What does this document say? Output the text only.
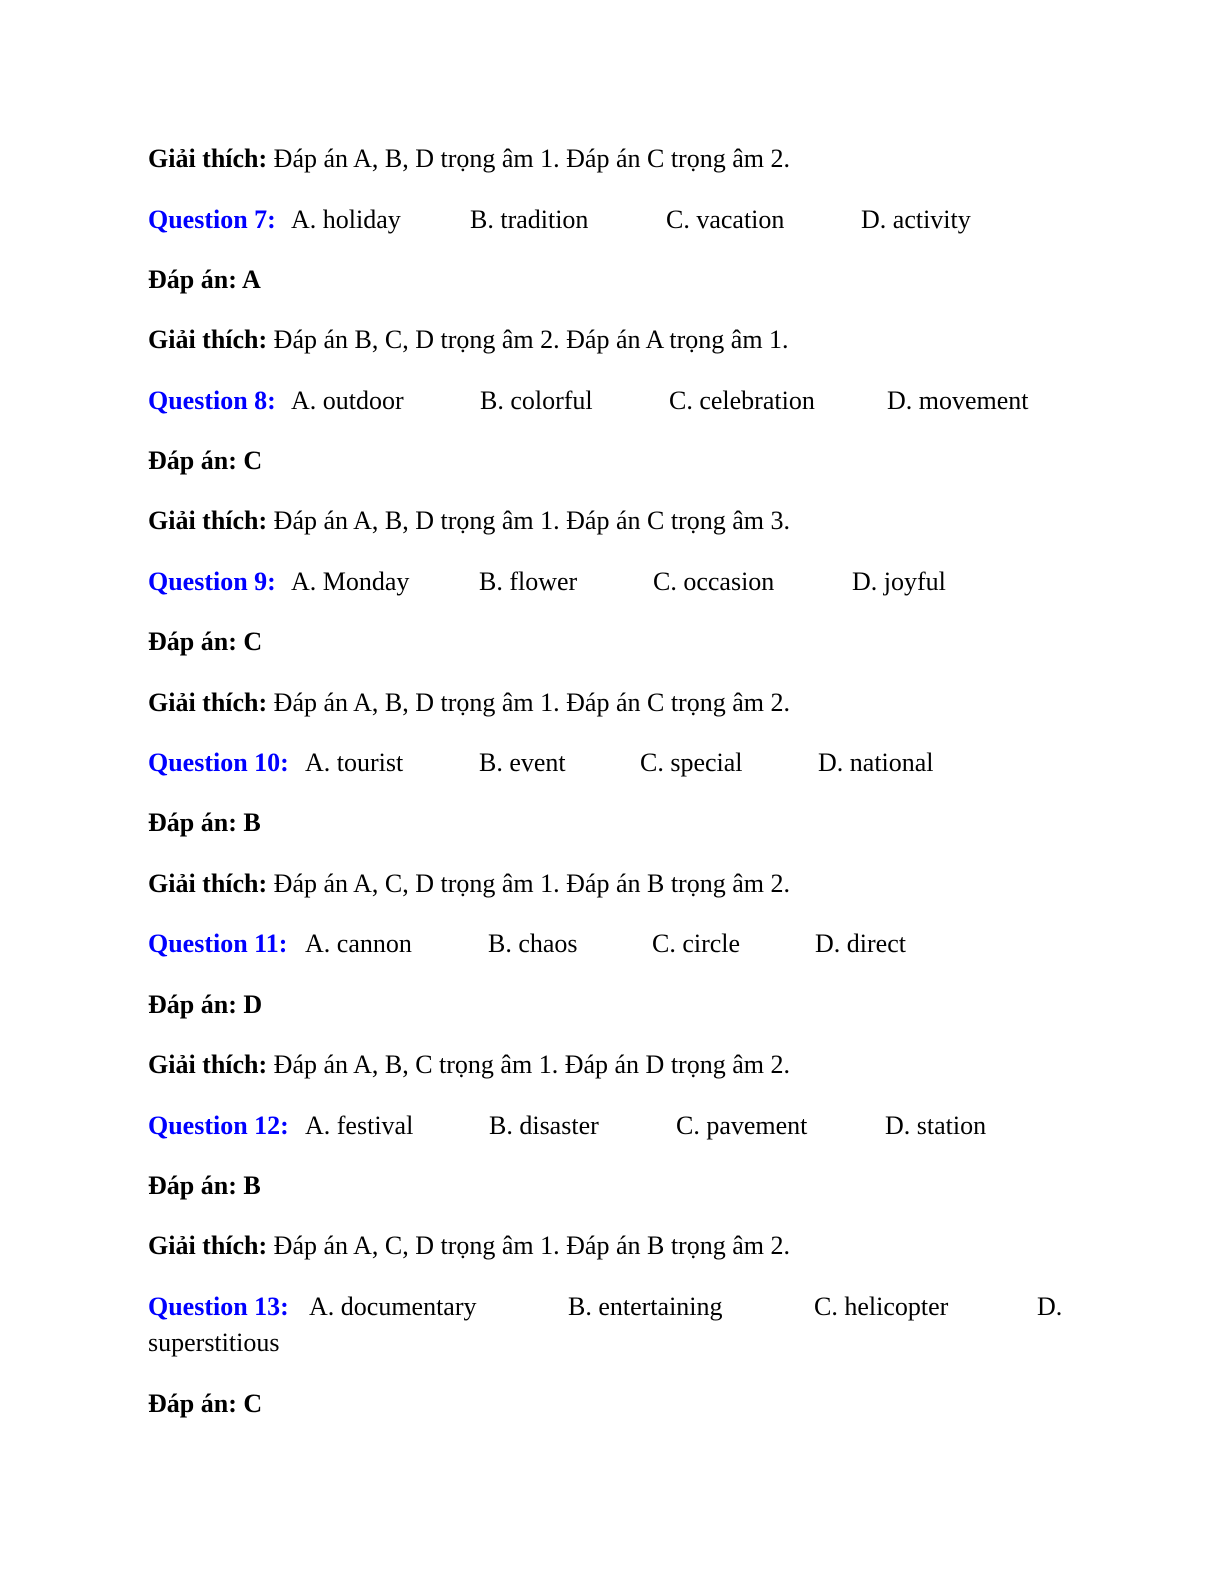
Giải thích: Đáp án A, B, D trọng âm 1. Đáp án C trọng âm 2.
Question 7: A. holiday	B. tradition	C. vacation	D. activity
Đáp án: A
Giải thích: Đáp án B, C, D trọng âm 2. Đáp án A trọng âm 1.
Question 8: A. outdoor	B. colorful	C. celebration	D. movement
Đáp án: C
Giải thích: Đáp án A, B, D trọng âm 1. Đáp án C trọng âm 3.
Question 9: A. Monday	B. flower	C. occasion	D. joyful
Đáp án: C
Giải thích: Đáp án A, B, D trọng âm 1. Đáp án C trọng âm 2.
Question 10: A. tourist	B. event	C. special	D. national
Đáp án: B
Giải thích: Đáp án A, C, D trọng âm 1. Đáp án B trọng âm 2.
Question 11: A. cannon	B. chaos	C. circle	D. direct
Đáp án: D
Giải thích: Đáp án A, B, C trọng âm 1. Đáp án D trọng âm 2.
Question 12: A. festival	B. disaster	C. pavement	D. station
Đáp án: B
Giải thích: Đáp án A, C, D trọng âm 1. Đáp án B trọng âm 2.
Question 13: A. documentary	B. entertaining	C. helicopter	D.
superstitious
Đáp án: C
